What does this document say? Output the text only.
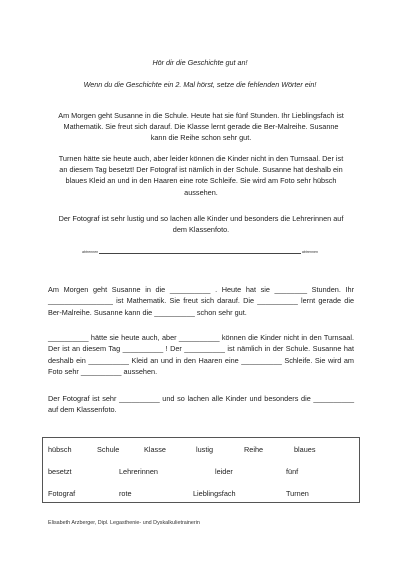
Hör dir die Geschichte gut an!
Wenn du die Geschichte ein 2. Mal hörst, setze die fehlenden Wörter ein!

Am Morgen geht Susanne in die Schule. Heute hat sie fünf Stunden. Ihr Lieblingsfach ist Mathematik. Sie freut sich darauf. Die Klasse lernt gerade die Ber-Malreihe. Susanne kann die Reihe schon sehr gut.

Turnen hätte sie heute auch, aber leider können die Kinder nicht in den Turnsaal. Der ist an diesem Tag besetzt! Der Fotograf ist nämlich in der Schule. Susanne hat deshalb ein blaues Kleid an und in den Haaren eine rote Schleife. Sie wird am Foto sehr hübsch aussehen.

Der Fotograf ist sehr lustig und so lachen alle Kinder und besonders die Lehrerinnen auf dem Klassenfoto.

abtrennen	abtrennen

Am Morgen geht Susanne in die __________ . Heute hat sie ________ Stunden. Ihr ________________ ist Mathematik. Sie freut sich darauf. Die __________ lernt gerade die Ber-Malreihe. Susanne kann die __________ schon sehr gut.

__________ hätte sie heute auch, aber __________ können die Kinder nicht in den Turnsaal. Der ist an diesem Tag __________ ! Der __________ ist nämlich in der Schule. Susanne hat deshalb ein __________ Kleid an und in den Haaren eine __________ Schleife. Sie wird am Foto sehr __________ aussehen.

Der Fotograf ist sehr __________ und so lachen alle Kinder und besonders die __________ auf dem Klassenfoto.

hübsch	Schule	Klasse	lustig	Reihe	blaues
besetzt	Lehrerinnen	leider	fünf
Fotograf	rote	Lieblingsfach	Turnen
Elisabeth Arzberger, Dipl. Legasthenie- und Dyskalkulietrainerin
